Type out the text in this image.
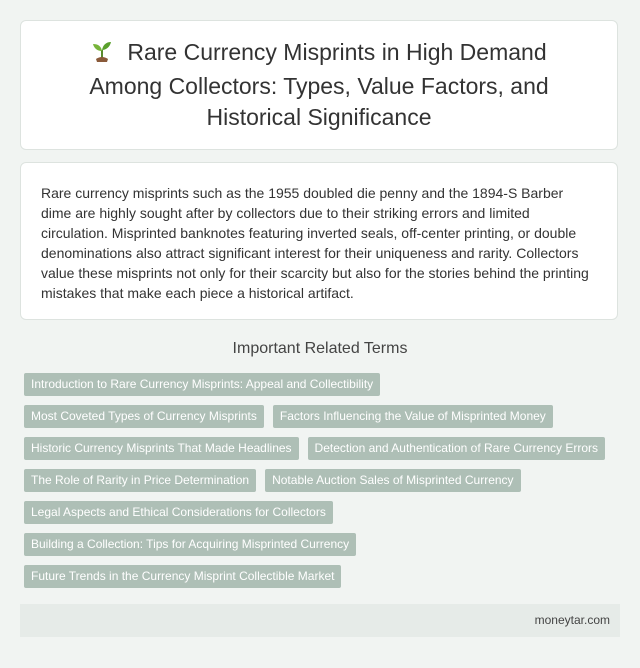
Rare Currency Misprints in High Demand Among Collectors: Types, Value Factors, and Historical Significance

Rare currency misprints such as the 1955 doubled die penny and the 1894-S Barber dime are highly sought after by collectors due to their striking errors and limited circulation. Misprinted banknotes featuring inverted seals, off-center printing, or double denominations also attract significant interest for their uniqueness and rarity. Collectors value these misprints not only for their scarcity but also for the stories behind the printing mistakes that make each piece a historical artifact.

Important Related Terms
Introduction to Rare Currency Misprints: Appeal and Collectibility
Most Coveted Types of Currency Misprints	Factors Influencing the Value of Misprinted Money
Historic Currency Misprints That Made Headlines	Detection and Authentication of Rare Currency Errors
The Role of Rarity in Price Determination	Notable Auction Sales of Misprinted Currency
Legal Aspects and Ethical Considerations for Collectors
Building a Collection: Tips for Acquiring Misprinted Currency
Future Trends in the Currency Misprint Collectible Market
moneytar.com
